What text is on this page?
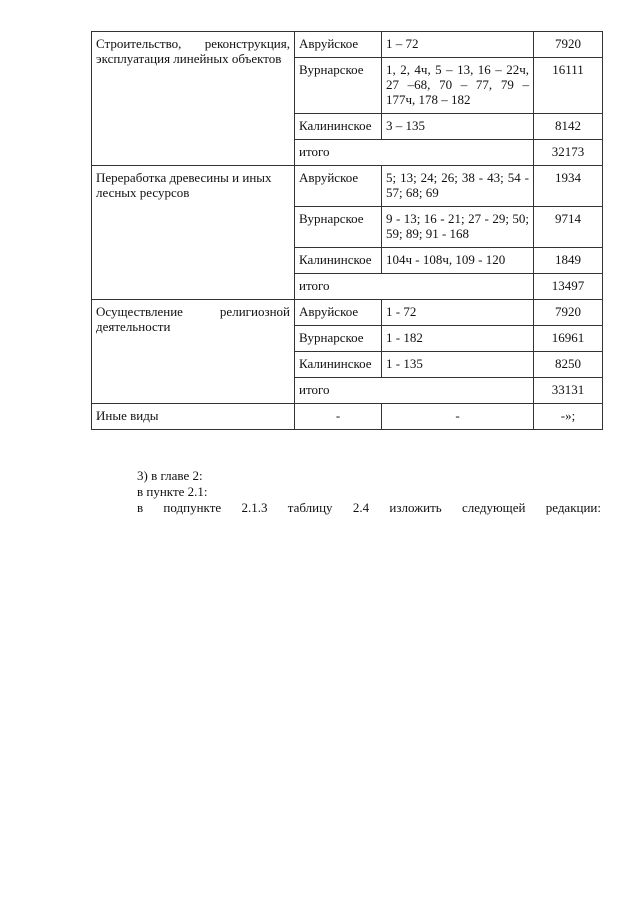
Строительство, реконструкция, эксплуатация линейных объектов	Авруйское	1 – 72	7920
	Вурнарское	1, 2, 4ч, 5 – 13, 16 – 22ч, 27 –68, 70 – 77, 79 – 177ч, 178 – 182	16111
	Калининское	3 – 135	8142
	итого		32173
Переработка древесины и иных лесных ресурсов	Авруйское	5; 13; 24; 26; 38 - 43; 54 - 57; 68; 69	1934
	Вурнарское	9 - 13; 16 - 21; 27 - 29; 50; 59; 89; 91 - 168	9714
	Калининское	104ч - 108ч, 109 - 120	1849
	итого		13497
Осуществление религиозной деятельности	Авруйское	1 - 72	7920
	Вурнарское	1 - 182	16961
	Калининское	1 - 135	8250
	итого		33131
Иные виды	-	-	-»;

3) в главе 2:

в пункте 2.1:

в подпункте 2.1.3 таблицу 2.4 изложить следующей редакции:
